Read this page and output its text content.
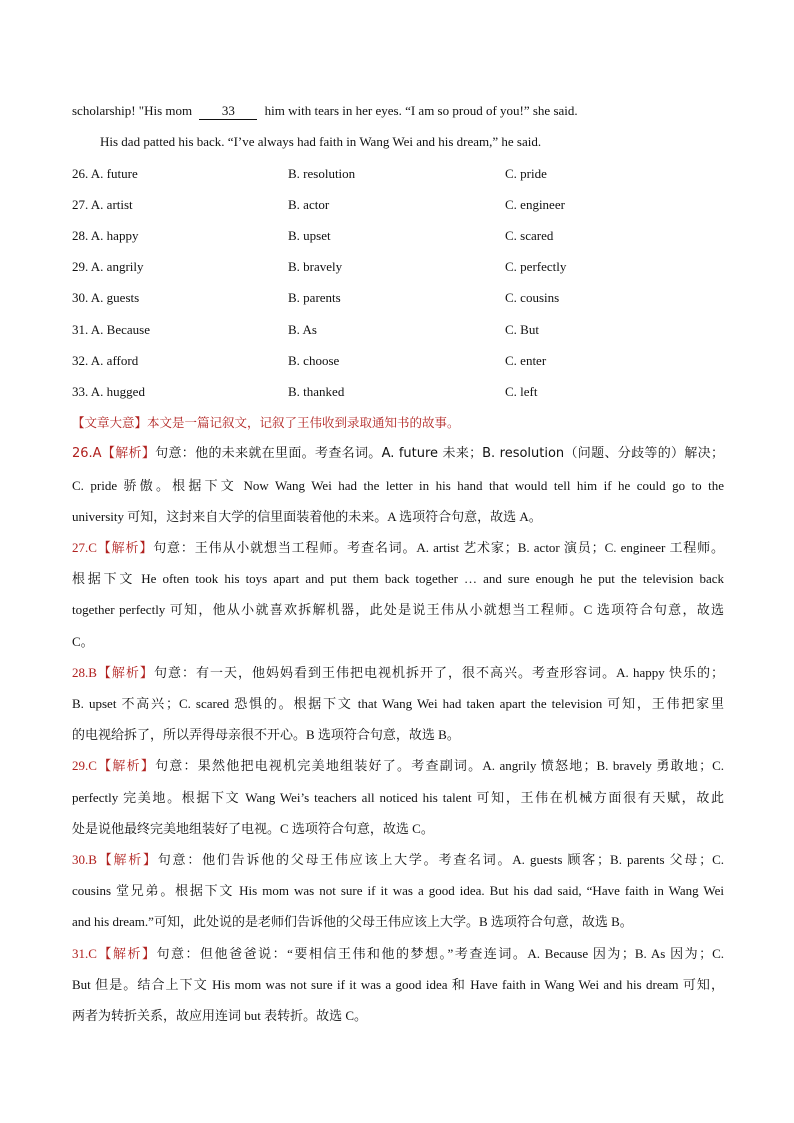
scholarship! "His mom 33 him with tears in her eyes. “I am so proud of you!” she said.
His dad patted his back. “I’ve always had faith in Wang Wei and his dream,” he said.
26. A. future	B. resolution	C. pride
27. A. artist	B. actor	C. engineer
28. A. happy	B. upset	C. scared
29. A. angrily	B. bravely	C. perfectly
30. A. guests	B. parents	C. cousins
31. A. Because	B. As	C. But
32. A. afford	B. choose	C. enter
33. A. hugged	B. thanked	C. left
【文章大意】本文是一篇记叙文，记叙了王伟收到录取通知书的故事。
26.A【解析】句意：他的未来就在里面。考查名词。A. future 未来；B. resolution（问题、分歧等的）解决；
C. pride 骄傲。根据下文 Now Wang Wei had the letter in his hand that would tell him if he could go to the
university 可知，这封来自大学的信里面装着他的未来。A 选项符合句意，故选 A。
27.C【解析】句意：王伟从小就想当工程师。考查名词。A. artist 艺术家；B. actor 演员；C. engineer 工程师。
根据下文 He often took his toys apart and put them back together … and sure enough he put the television back
together perfectly 可知，他从小就喜欢拆解机器，此处是说王伟从小就想当工程师。C 选项符合句意，故选
C。
28.B【解析】句意：有一天，他妈妈看到王伟把电视机拆开了，很不高兴。考查形容词。A. happy 快乐的；
B. upset 不高兴；C. scared 恐惧的。根据下文 that Wang Wei had taken apart the television 可知，王伟把家里
的电视给拆了，所以弄得母亲很不开心。B 选项符合句意，故选 B。
29.C【解析】句意：果然他把电视机完美地组装好了。考查副词。A. angrily 愤怒地；B. bravely 勇敢地；C.
perfectly 完美地。根据下文 Wang Wei’s teachers all noticed his talent 可知，王伟在机械方面很有天赋，故此
处是说他最终完美地组装好了电视。C 选项符合句意，故选 C。
30.B【解析】句意：他们告诉他的父母王伟应该上大学。考查名词。A. guests 顾客；B. parents 父母；C.
cousins 堂兄弟。根据下文 His mom was not sure if it was a good idea. But his dad said, “Have faith in Wang Wei
and his dream.”可知，此处说的是老师们告诉他的父母王伟应该上大学。B 选项符合句意，故选 B。
31.C【解析】句意：但他爸爸说：“要相信王伟和他的梦想。”考查连词。A. Because 因为；B. As 因为；C.
But 但是。结合上下文 His mom was not sure if it was a good idea 和 Have faith in Wang Wei and his dream 可知，
两者为转折关系，故应用连词 but 表转折。故选 C。
